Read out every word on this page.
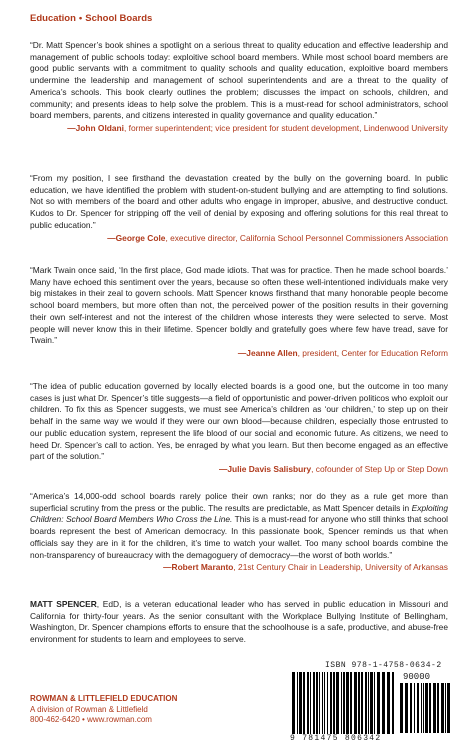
Education • School Boards

“Dr. Matt Spencer’s book shines a spotlight on a serious threat to quality education and effective leadership and management of public schools today: exploitive school board members. While most school board members are good public servants with a commitment to quality schools and quality education, exploitive board members undermine the leadership and management of school superintendents and are a threat to the quality of America’s schools. This book clearly outlines the problem; discusses the impact on schools, children, and community; and presents ideas to help solve the problem. This is a must-read for school administrators, school board members, parents, and citizens interested in quality governance and quality education.”

—John Oldani, former superintendent; vice president for student development, Lindenwood University

“From my position, I see firsthand the devastation created by the bully on the governing board. In public education, we have identified the problem with student-on-student bullying and are attempting to find solutions. Not so with members of the board and other adults who engage in improper, abusive, and destructive conduct. Kudos to Dr. Spencer for stripping off the veil of denial by exposing and offering solutions for this real threat to public education.”

—George Cole, executive director, California School Personnel Commissioners Association

“Mark Twain once said, ‘In the first place, God made idiots. That was for practice. Then he made school boards.’ Many have echoed this sentiment over the years, because so often these well-intentioned individuals make very big mistakes in their zeal to govern schools. Matt Spencer knows firsthand that many honorable people become school board members, but more often than not, the perceived power of the position results in their governing their own self-interest and not the interest of the children whose interests they were selected to serve. Most people will never know this in their lifetime. Spencer boldly and gratefully goes where few have tread, save for Twain.”

—Jeanne Allen, president, Center for Education Reform

“The idea of public education governed by locally elected boards is a good one, but the outcome in too many cases is just what Dr. Spencer’s title suggests—a field of opportunistic and power-driven politicos who exploit our children. To fix this as Spencer suggests, we must see America’s children as ‘our children,’ to step up on their behalf in the same way we would if they were our own blood—because children, especially those entrusted to our public education system, represent the life blood of our social and economic future. As citizens, we need to heed Dr. Spencer’s call to action. Yes, be enraged by what you learn. But then become engaged as an effective part of the solution.”

—Julie Davis Salisbury, cofounder of Step Up or Step Down

“America’s 14,000-odd school boards rarely police their own ranks; nor do they as a rule get more than superficial scrutiny from the press or the public. The results are predictable, as Matt Spencer details in Exploiting Children: School Board Members Who Cross the Line. This is a must-read for anyone who still thinks that school boards represent the best of American democracy. In this passionate book, Spencer reminds us that when officials say they are in it for the children, it’s time to watch your wallet. Too many school boards combine the non-transparency of bureaucracy with the demagoguery of democracy—the worst of both worlds.”

—Robert Maranto, 21st Century Chair in Leadership, University of Arkansas
MATT SPENCER, EdD, is a veteran educational leader who has served in public education in Missouri and California for thirty-four years. As the senior consultant with the Workplace Bullying Institute of Bellingham, Washington, Dr. Spencer champions efforts to ensure that the schoolhouse is a safe, productive, and abuse-free environment for students to learn and employees to serve.
ROWMAN & LITTLEFIELD EDUCATION
A division of Rowman & Littlefield
800-462-6420 • www.rowman.com
ISBN 978-1-4758-0634-2
90000
9 781475 806342
